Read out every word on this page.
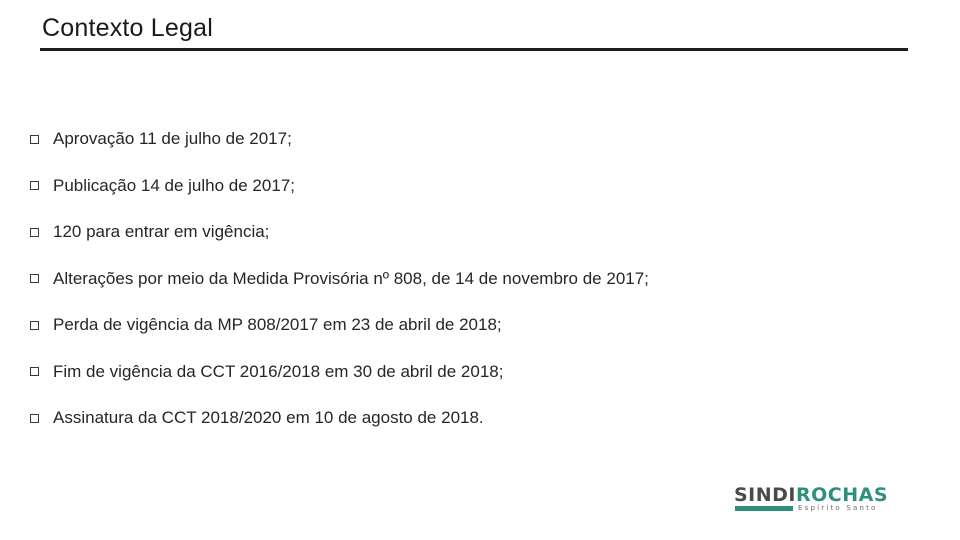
Contexto Legal
Aprovação 11 de julho de 2017;
Publicação 14 de julho de 2017;
120 para entrar em vigência;
Alterações por meio da Medida Provisória nº 808, de 14 de novembro de 2017;
Perda de vigência da MP 808/2017 em 23 de abril de 2018;
Fim de vigência da CCT 2016/2018 em 30 de abril de 2018;
Assinatura da CCT 2018/2020 em 10 de agosto de 2018.
SINDIROCHAS
Espírito Santo
